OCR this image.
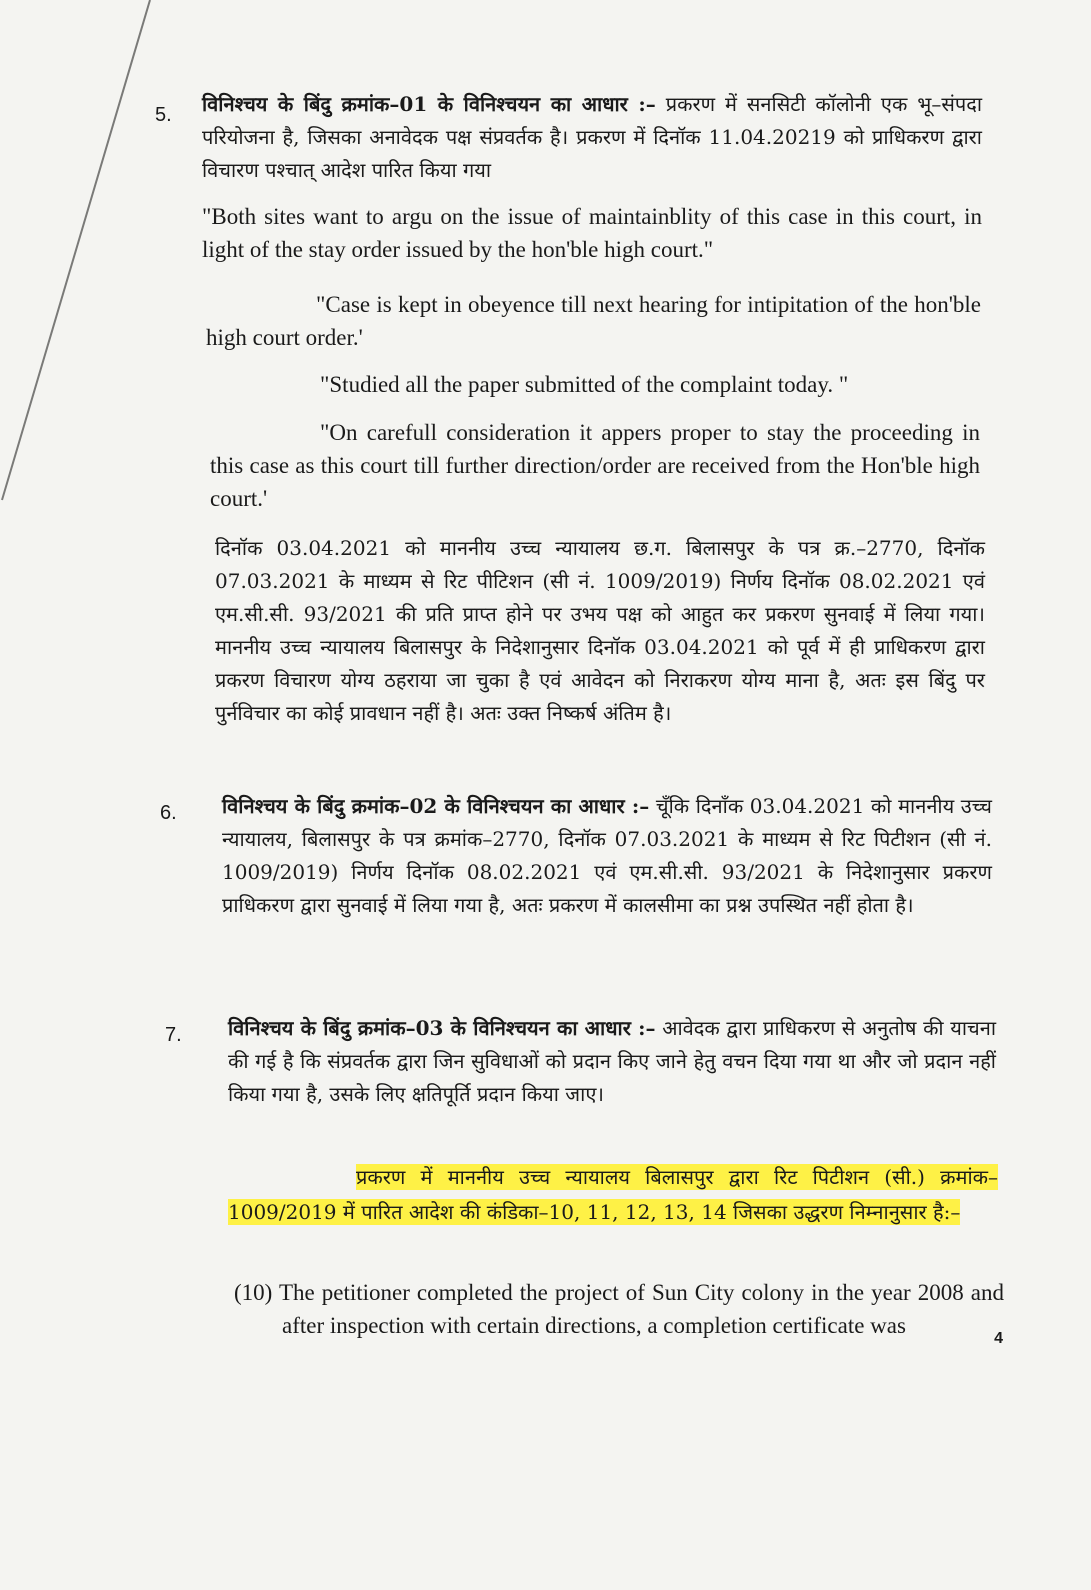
5. विनिश्चय के बिंदु क्रमांक–01 के विनिश्चयन का आधार :– प्रकरण में सनसिटी कॉलोनी एक भू–संपदा परियोजना है, जिसका अनावेदक पक्ष संप्रवर्तक है। प्रकरण में दिनॉक 11.04.20219 को प्राधिकरण द्वारा विचारण पश्चात् आदेश पारित किया गया
"Both sites want to argu on the issue of maintainblity of this case in this court, in light of the stay order issued by the hon'ble high court."
"Case is kept in obeyence till next hearing for intipitation of the hon'ble high court order.'
"Studied all the paper submitted of the complaint today. "
"On carefull consideration it appers proper to stay the proceeding in this case as this court till further direction/order are received from the Hon'ble high court.'
दिनॉक 03.04.2021 को माननीय उच्च न्यायालय छ.ग. बिलासपुर के पत्र क्र.–2770, दिनॉक 07.03.2021 के माध्यम से रिट पीटिशन (सी नं. 1009/2019) निर्णय दिनॉक 08.02.2021 एवं एम.सी.सी. 93/2021 की प्रति प्राप्त होने पर उभय पक्ष को आहुत कर प्रकरण सुनवाई में लिया गया। माननीय उच्च न्यायालय बिलासपुर के निदेशानुसार दिनॉक 03.04.2021 को पूर्व में ही प्राधिकरण द्वारा प्रकरण विचारण योग्य ठहराया जा चुका है एवं आवेदन को निराकरण योग्य माना है, अतः इस बिंदु पर पुर्नविचार का कोई प्रावधान नहीं है। अतः उक्त निष्कर्ष अंतिम है।
6. विनिश्चय के बिंदु क्रमांक–02 के विनिश्चयन का आधार :– चूँकि दिनाँक 03.04.2021 को माननीय उच्च न्यायालय, बिलासपुर के पत्र क्रमांक–2770, दिनॉक 07.03.2021 के माध्यम से रिट पिटीशन (सी नं. 1009/2019) निर्णय दिनॉक 08.02.2021 एवं एम.सी.सी. 93/2021 के निदेशानुसार प्रकरण प्राधिकरण द्वारा सुनवाई में लिया गया है, अतः प्रकरण में कालसीमा का प्रश्न उपस्थित नहीं होता है।
7. विनिश्चय के बिंदु क्रमांक–03 के विनिश्चयन का आधार :– आवेदक द्वारा प्राधिकरण से अनुतोष की याचना की गई है कि संप्रवर्तक द्वारा जिन सुविधाओं को प्रदान किए जाने हेतु वचन दिया गया था और जो प्रदान नहीं किया गया है, उसके लिए क्षतिपूर्ति प्रदान किया जाए।
प्रकरण में माननीय उच्च न्यायालय बिलासपुर द्वारा रिट पिटीशन (सी.) क्रमांक–1009/2019 में पारित आदेश की कंडिका–10, 11, 12, 13, 14 जिसका उद्धरण निम्नानुसार है:–
(10) The petitioner completed the project of Sun City colony in the year 2008 and after inspection with certain directions, a completion certificate was
4
